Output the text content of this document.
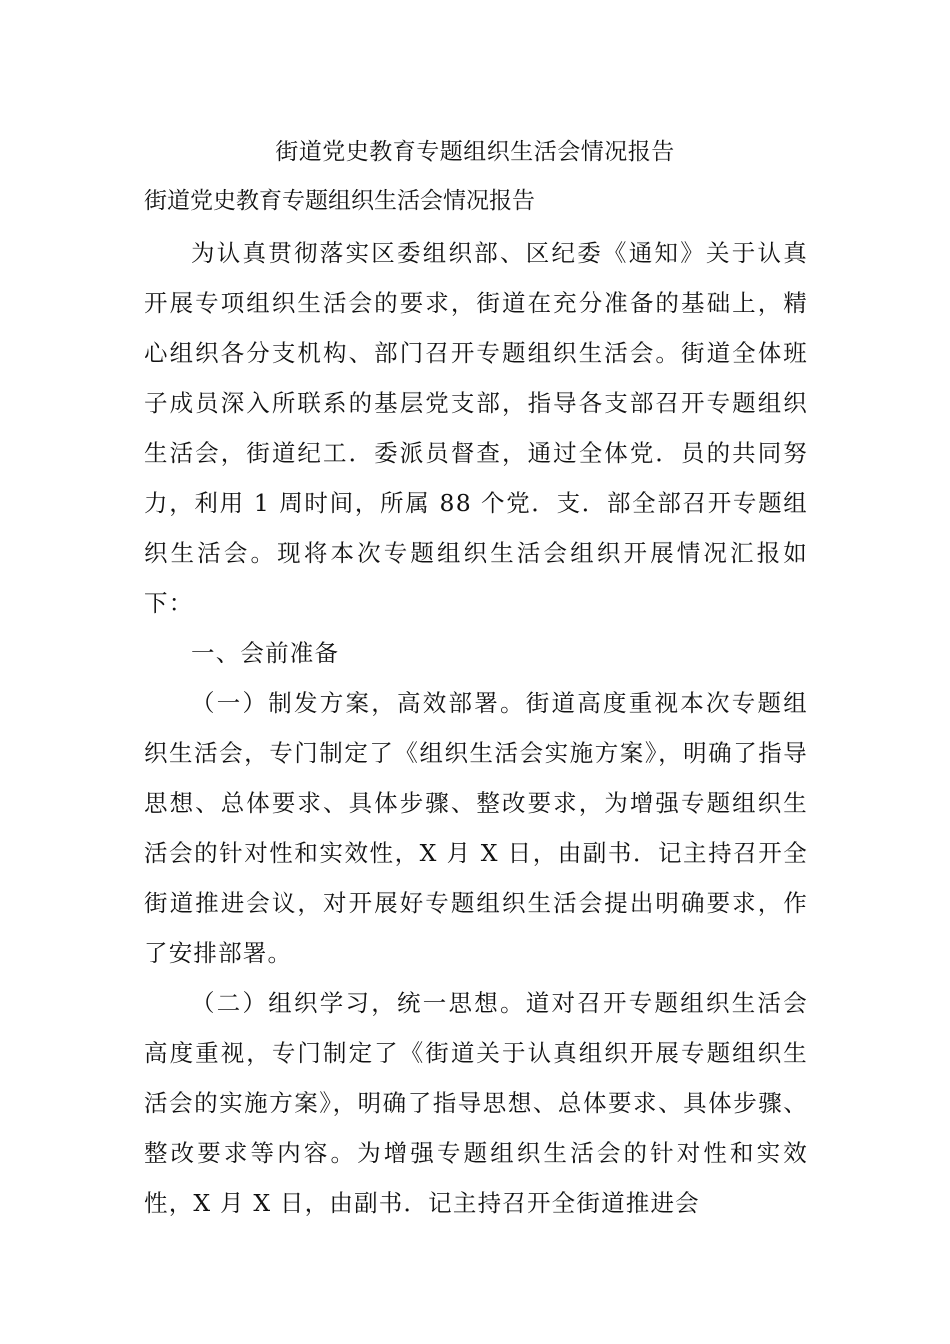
街道党史教育专题组织生活会情况报告

街道党史教育专题组织生活会情况报告

为认真贯彻落实区委组织部、区纪委《通知》关于认真开展专项组织生活会的要求，街道在充分准备的基础上，精心组织各分支机构、部门召开专题组织生活会。街道全体班子成员深入所联系的基层党支部，指导各支部召开专题组织生活会，街道纪工．委派员督查，通过全体党．员的共同努力，利用 1 周时间，所属 88 个党．支．部全部召开专题组织生活会。现将本次专题组织生活会组织开展情况汇报如下：

一、会前准备

（一）制发方案，高效部署。街道高度重视本次专题组织生活会，专门制定了《组织生活会实施方案》，明确了指导思想、总体要求、具体步骤、整改要求，为增强专题组织生活会的针对性和实效性，X 月 X 日，由副书．记主持召开全街道推进会议，对开展好专题组织生活会提出明确要求，作了安排部署。

（二）组织学习，统一思想。道对召开专题组织生活会高度重视，专门制定了《街道关于认真组织开展专题组织生活会的实施方案》，明确了指导思想、总体要求、具体步骤、整改要求等内容。为增强专题组织生活会的针对性和实效性，X 月 X 日，由副书．记主持召开全街道推进会
